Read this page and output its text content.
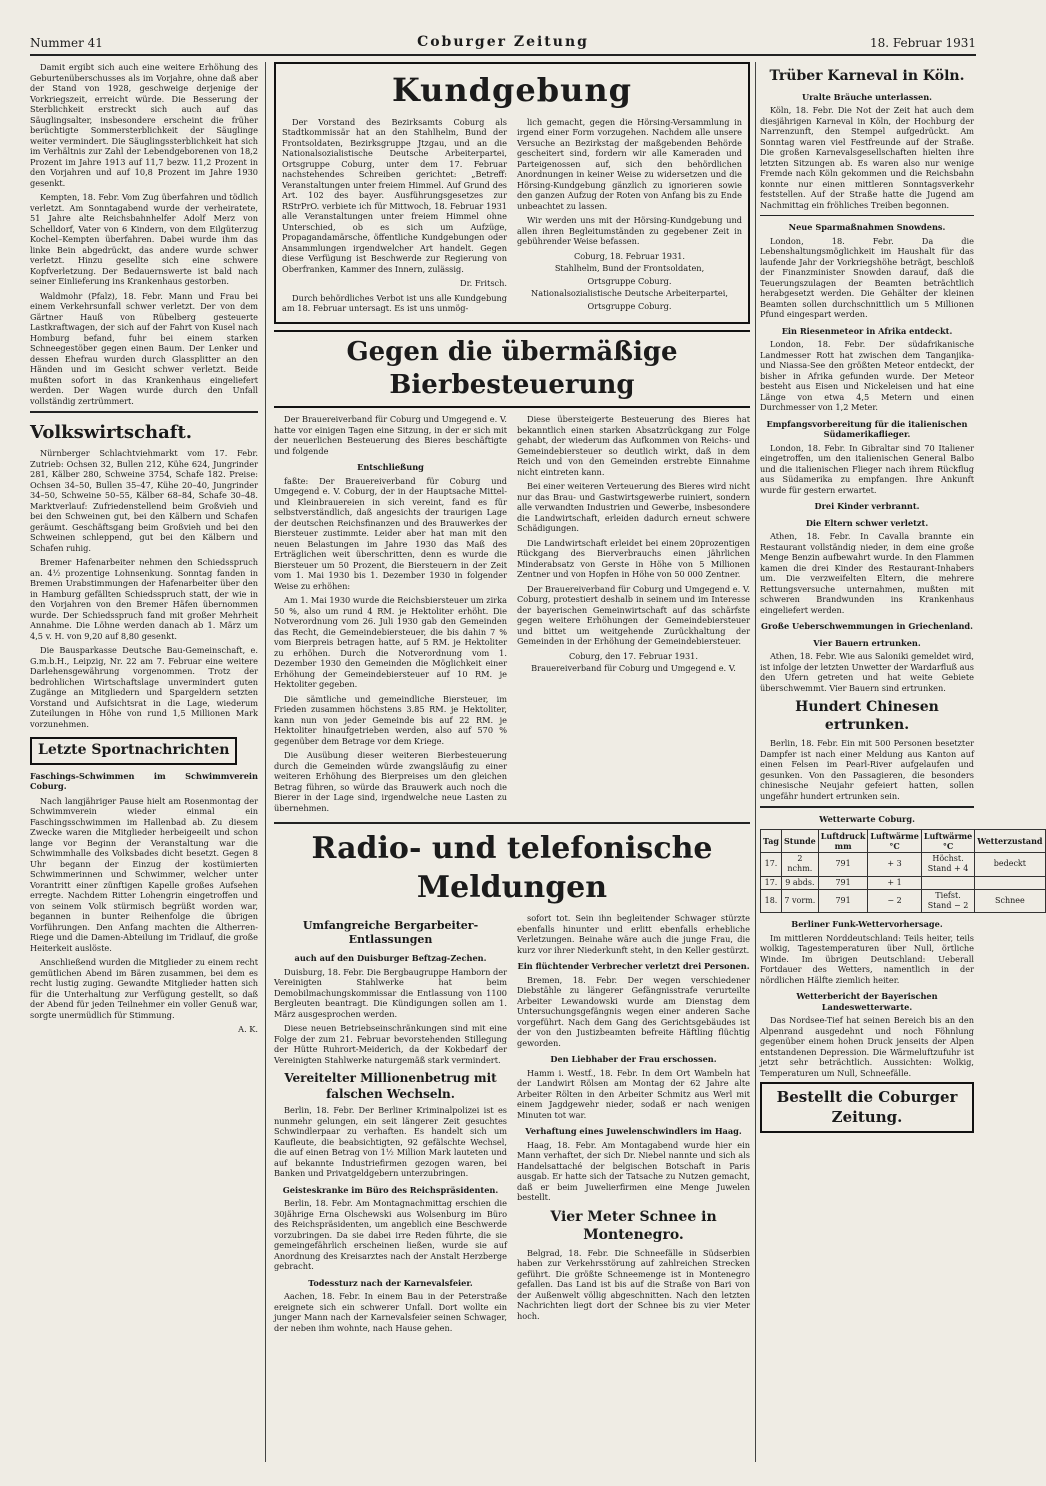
Nummer 41	Coburger Zeitung	18. Februar 1931

Damit ergibt sich auch eine weitere Erhöhung des Geburtenüberschusses als im Vorjahre, ohne daß aber der Stand von 1928, geschweige derjenige der Vorkriegszeit, erreicht würde. Die Besserung der Sterblichkeit erstreckt sich auch auf das Säuglingsalter, insbesondere erscheint die früher berüchtigte Sommersterblichkeit der Säuglinge weiter vermindert. Die Säuglingssterblichkeit hat sich im Verhältnis zur Zahl der Lebendgeborenen von 18,2 Prozent im Jahre 1913 auf 11,7 bezw. 11,2 Prozent in den Vorjahren und auf 10,8 Prozent im Jahre 1930 gesenkt.

Kempten, 18. Febr. Vom Zug überfahren und tödlich verletzt. Am Sonntagabend wurde der verheiratete, 51 Jahre alte Reichsbahnhelfer Adolf Merz von Schelldorf, Vater von 6 Kindern, von dem Eilgüterzug Kochel–Kempten überfahren. Dabei wurde ihm das linke Bein abgedrückt, das andere wurde schwer verletzt. Hinzu gesellte sich eine schwere Kopfverletzung. Der Bedauernswerte ist bald nach seiner Einlieferung ins Krankenhaus gestorben.

Waldmohr (Pfalz), 18. Febr. Mann und Frau bei einem Verkehrsunfall schwer verletzt. Der von dem Gärtner Hauß von Rübelberg gesteuerte Lastkraftwagen, der sich auf der Fahrt von Kusel nach Homburg befand, fuhr bei einem starken Schneegestöber gegen einen Baum. Der Lenker und dessen Ehefrau wurden durch Glassplitter an den Händen und im Gesicht schwer verletzt. Beide mußten sofort in das Krankenhaus eingeliefert werden. Der Wagen wurde durch den Unfall vollständig zertrümmert.

Volkswirtschaft.

Nürnberger Schlachtviehmarkt vom 17. Febr. Zutrieb: Ochsen 32, Bullen 212, Kühe 624, Jungrinder 281, Kälber 280, Schweine 3754, Schafe 182. Preise: Ochsen 34–50, Bullen 35–47, Kühe 20–40, Jungrinder 34–50, Schweine 50–55, Kälber 68–84, Schafe 30–48. Marktverlauf: Zufriedenstellend beim Großvieh und bei den Schweinen gut, bei den Kälbern und Schafen geräumt. Geschäftsgang beim Großvieh und bei den Schweinen schleppend, gut bei den Kälbern und Schafen ruhig.

Bremer Hafenarbeiter nehmen den Schiedsspruch an. 4½ prozentige Lohnsenkung. Sonntag fanden in Bremen Urabstimmungen der Hafenarbeiter über den in Hamburg gefällten Schiedsspruch statt, der wie in den Vorjahren von den Bremer Häfen übernommen wurde. Der Schiedsspruch fand mit großer Mehrheit Annahme. Die Löhne werden danach ab 1. März um 4,5 v. H. von 9,20 auf 8,80 gesenkt.

Die Bausparkasse Deutsche Bau-Gemeinschaft, e. G.m.b.H., Leipzig, Nr. 22 am 7. Februar eine weitere Darlehensgewährung vorgenommen. Trotz der bedrohlichen Wirtschaftslage unvermindert guten Zugänge an Mitgliedern und Spargeldern setzten Vorstand und Aufsichtsrat in die Lage, wiederum Zuteilungen in Höhe von rund 1,5 Millionen Mark vorzunehmen.

Letzte Sportnachrichten

Faschings-Schwimmen im Schwimmverein Coburg.

Nach langjähriger Pause hielt am Rosenmontag der Schwimmverein wieder einmal ein Faschingsschwimmen im Hallenbad ab. Zu diesem Zwecke waren die Mitglieder herbeigeeilt und schon lange vor Beginn der Veranstaltung war die Schwimmhalle des Volksbades dicht besetzt. Gegen 8 Uhr begann der Einzug der kostümierten Schwimmerinnen und Schwimmer, welcher unter Vorantritt einer zünftigen Kapelle großes Aufsehen erregte. Nachdem Ritter Lohengrin eingetroffen und von seinem Volk stürmisch begrüßt worden war, begannen in bunter Reihenfolge die übrigen Vorführungen. Den Anfang machten die Altherren-Riege und die Damen-Abteilung im Tridlauf, die große Heiterkeit auslöste.

Anschließend wurden die Mitglieder zu einem recht gemütlichen Abend im Bären zusammen, bei dem es recht lustig zuging. Gewandte Mitglieder hatten sich für die Unterhaltung zur Verfügung gestellt, so daß der Abend für jeden Teilnehmer ein voller Genuß war, sorgte unermüdlich für Stimmung.

A. K.

Kundgebung

Der Vorstand des Bezirksamts Coburg als Stadtkommissär hat an den Stahlhelm, Bund der Frontsoldaten, Bezirksgruppe Jtzgau, und an die Nationalsozialistische Deutsche Arbeiterpartei, Ortsgruppe Coburg, unter dem 17. Februar nachstehendes Schreiben gerichtet: „Betreff: Veranstaltungen unter freiem Himmel. Auf Grund des Art. 102 des bayer. Ausführungsgesetzes zur RStrPrO. verbiete ich für Mittwoch, 18. Februar 1931 alle Veranstaltungen unter freiem Himmel ohne Unterschied, ob es sich um Aufzüge, Propagandamärsche, öffentliche Kundgebungen oder Ansammlungen irgendwelcher Art handelt. Gegen diese Verfügung ist Beschwerde zur Regierung von Oberfranken, Kammer des Innern, zulässig.

Dr. Fritsch.

Durch behördliches Verbot ist uns alle Kundgebung am 18. Februar untersagt. Es ist uns unmög-

lich gemacht, gegen die Hörsing-Versammlung in irgend einer Form vorzugehen. Nachdem alle unsere Versuche an Bezirkstag der maßgebenden Behörde gescheitert sind, fordern wir alle Kameraden und Parteigenossen auf, sich den behördlichen Anordnungen in keiner Weise zu widersetzen und die Hörsing-Kundgebung gänzlich zu ignorieren sowie den ganzen Aufzug der Roten von Anfang bis zu Ende unbeachtet zu lassen.

Wir werden uns mit der Hörsing-Kundgebung und allen ihren Begleitumständen zu gegebener Zeit in gebührender Weise befassen.

Coburg, 18. Februar 1931.

Stahlhelm, Bund der Frontsoldaten,

Ortsgruppe Coburg.

Nationalsozialistische Deutsche Arbeiterpartei,

Ortsgruppe Coburg.

Gegen die übermäßige Bierbesteuerung

Der Brauereiverband für Coburg und Umgegend e. V. hatte vor einigen Tagen eine Sitzung, in der er sich mit der neuerlichen Besteuerung des Bieres beschäftigte und folgende

Entschließung

faßte: Der Brauereiverband für Coburg und Umgegend e. V. Coburg, der in der Hauptsache Mittel- und Kleinbrauereien in sich vereint, fand es für selbstverständlich, daß angesichts der traurigen Lage der deutschen Reichsfinanzen und des Brauwerkes der Biersteuer zustimmte. Leider aber hat man mit den neuen Belastungen im Jahre 1930 das Maß des Erträglichen weit überschritten, denn es wurde die Biersteuer um 50 Prozent, die Biersteuern in der Zeit vom 1. Mai 1930 bis 1. Dezember 1930 in folgender Weise zu erhöhen:

Am 1. Mai 1930 wurde die Reichsbiersteuer um zirka 50 %, also um rund 4 RM. je Hektoliter erhöht. Die Notverordnung vom 26. Juli 1930 gab den Gemeinden das Recht, die Gemeindebiersteuer, die bis dahin 7 % vom Bierpreis betragen hatte, auf 5 RM. je Hektoliter zu erhöhen. Durch die Notverordnung vom 1. Dezember 1930 den Gemeinden die Möglichkeit einer Erhöhung der Gemeindebiersteuer auf 10 RM. je Hektoliter gegeben.

Die sämtliche und gemeindliche Biersteuer, im Frieden zusammen höchstens 3.85 RM. je Hektoliter, kann nun von jeder Gemeinde bis auf 22 RM. je Hektoliter hinaufgetrieben werden, also auf 570 % gegenüber dem Betrage vor dem Kriege.

Die Ausübung dieser weiteren Bierbesteuerung durch die Gemeinden würde zwangsläufig zu einer weiteren Erhöhung des Bierpreises um den gleichen Betrag führen, so würde das Brauwerk auch noch die Bierer in der Lage sind, irgendwelche neue Lasten zu übernehmen.

Diese übersteigerte Besteuerung des Bieres hat bekanntlich einen starken Absatzrückgang zur Folge gehabt, der wiederum das Aufkommen von Reichs- und Gemeindebiersteuer so deutlich wirkt, daß in dem Reich und von den Gemeinden erstrebte Einnahme nicht eintreten kann.

Bei einer weiteren Verteuerung des Bieres wird nicht nur das Brau- und Gastwirtsgewerbe ruiniert, sondern alle verwandten Industrien und Gewerbe, insbesondere die Landwirtschaft, erleiden dadurch erneut schwere Schädigungen.

Die Landwirtschaft erleidet bei einem 20prozentigen Rückgang des Bierverbrauchs einen jährlichen Minderabsatz von Gerste in Höhe von 5 Millionen Zentner und von Hopfen in Höhe von 50 000 Zentner.

Der Brauereiverband für Coburg und Umgegend e. V. Coburg, protestiert deshalb in seinem und im Interesse der bayerischen Gemeinwirtschaft auf das schärfste gegen weitere Erhöhungen der Gemeindebiersteuer und bittet um weitgehende Zurückhaltung der Gemeinden in der Erhöhung der Gemeindebiersteuer.

Coburg, den 17. Februar 1931.

Brauereiverband für Coburg und Umgegend e. V.

Radio- und telefonische Meldungen

Umfangreiche Bergarbeiter-Entlassungen

auch auf den Duisburger Beftzag-Zechen.

Duisburg, 18. Febr. Die Bergbaugruppe Hamborn der Vereinigten Stahlwerke hat beim Demobilmachungskommissar die Entlassung von 1100 Bergleuten beantragt. Die Kündigungen sollen am 1. März ausgesprochen werden.

Diese neuen Betriebseinschränkungen sind mit eine Folge der zum 21. Februar bevorstehenden Stillegung der Hütte Ruhrort-Meiderich, da der Kokbedarf der Vereinigten Stahlwerke naturgemäß stark vermindert.

Vereitelter Millionenbetrug mit falschen Wechseln.

Berlin, 18. Febr. Der Berliner Kriminalpolizei ist es nunmehr gelungen, ein seit längerer Zeit gesuchtes Schwindlerpaar zu verhaften. Es handelt sich um Kaufleute, die beabsichtigten, 92 gefälschte Wechsel, die auf einen Betrag von 1½ Million Mark lauteten und auf bekannte Industriefirmen gezogen waren, bei Banken und Privatgeldgebern unterzubringen.

Geisteskranke im Büro des Reichspräsidenten.

Berlin, 18. Febr. Am Montagnachmittag erschien die 30jährige Erna Olschewski aus Wolsenburg im Büro des Reichspräsidenten, um angeblich eine Beschwerde vorzubringen. Da sie dabei irre Reden führte, die sie gemeingefährlich erscheinen ließen, wurde sie auf Anordnung des Kreisarztes nach der Anstalt Herzberge gebracht.

Todessturz nach der Karnevalsfeier.

Aachen, 18. Febr. In einem Bau in der Peterstraße ereignete sich ein schwerer Unfall. Dort wollte ein junger Mann nach der Karnevalsfeier seinen Schwager, der neben ihm wohnte, nach Hause gehen.

sofort tot. Sein ihn begleitender Schwager stürzte ebenfalls hinunter und erlitt ebenfalls erhebliche Verletzungen. Beinahe wäre auch die junge Frau, die kurz vor ihrer Niederkunft steht, in den Keller gestürzt.

Ein flüchtender Verbrecher verletzt drei Personen.

Bremen, 18. Febr. Der wegen verschiedener Diebstähle zu längerer Gefängnisstrafe verurteilte Arbeiter Lewandowski wurde am Dienstag dem Untersuchungsgefängnis wegen einer anderen Sache vorgeführt. Nach dem Gang des Gerichtsgebäudes ist der von den Justizbeamten befreite Häftling flüchtig geworden.

Den Liebhaber der Frau erschossen.

Hamm i. Westf., 18. Febr. In dem Ort Wambeln hat der Landwirt Rölsen am Montag der 62 Jahre alte Arbeiter Rölten in den Arbeiter Schmitz aus Werl mit einem Jagdgewehr nieder, sodaß er nach wenigen Minuten tot war.

Verhaftung eines Juwelenschwindlers im Haag.

Haag, 18. Febr. Am Montagabend wurde hier ein Mann verhaftet, der sich Dr. Niebel nannte und sich als Handelsattaché der belgischen Botschaft in Paris ausgab. Er hatte sich der Tatsache zu Nutzen gemacht, daß er beim Juwelierfirmen eine Menge Juwelen bestellt.

Vier Meter Schnee in Montenegro.

Belgrad, 18. Febr. Die Schneefälle in Südserbien haben zur Verkehrsstörung auf zahlreichen Strecken geführt. Die größte Schneemenge ist in Montenegro gefallen. Das Land ist bis auf die Straße von Bari von der Außenwelt völlig abgeschnitten. Nach den letzten Nachrichten liegt dort der Schnee bis zu vier Meter hoch.

Trüber Karneval in Köln.

Uralte Bräuche unterlassen.

Köln, 18. Febr. Die Not der Zeit hat auch dem diesjährigen Karneval in Köln, der Hochburg der Narrenzunft, den Stempel aufgedrückt. Am Sonntag waren viel Festfreunde auf der Straße. Die großen Karnevalsgesellschaften hielten ihre letzten Sitzungen ab. Es waren also nur wenige Fremde nach Köln gekommen und die Reichsbahn konnte nur einen mittleren Sonntagsverkehr feststellen. Auf der Straße hatte die Jugend am Nachmittag ein fröhliches Treiben begonnen.

Neue Sparmaßnahmen Snowdens.

London, 18. Febr. Da die Lebenshaltungsmöglichkeit im Haushalt für das laufende Jahr der Vorkriegshöhe beträgt, beschloß der Finanzminister Snowden darauf, daß die Teuerungszulagen der Beamten beträchtlich herabgesetzt werden. Die Gehälter der kleinen Beamten sollen durchschnittlich um 5 Millionen Pfund eingespart werden.

Ein Riesenmeteor in Afrika entdeckt.

London, 18. Febr. Der südafrikanische Landmesser Rott hat zwischen dem Tanganjika- und Niassa-See den größten Meteor entdeckt, der bisher in Afrika gefunden wurde. Der Meteor besteht aus Eisen und Nickeleisen und hat eine Länge von etwa 4,5 Metern und einen Durchmesser von 1,2 Meter.

Empfangsvorbereitung für die italienischen Südamerikaflieger.

London, 18. Febr. In Gibraltar sind 70 Italiener eingetroffen, um den italienischen General Balbo und die italienischen Flieger nach ihrem Rückflug aus Südamerika zu empfangen. Ihre Ankunft wurde für gestern erwartet.

Drei Kinder verbrannt.

Die Eltern schwer verletzt.

Athen, 18. Febr. In Cavalla brannte ein Restaurant vollständig nieder, in dem eine große Menge Benzin aufbewahrt wurde. In den Flammen kamen die drei Kinder des Restaurant-Inhabers um. Die verzweifelten Eltern, die mehrere Rettungsversuche unternahmen, mußten mit schweren Brandwunden ins Krankenhaus eingeliefert werden.

Große Ueberschwemmungen in Griechenland.

Vier Bauern ertrunken.

Athen, 18. Febr. Wie aus Saloniki gemeldet wird, ist infolge der letzten Unwetter der Wardarfluß aus den Ufern getreten und hat weite Gebiete überschwemmt. Vier Bauern sind ertrunken.

Hundert Chinesen ertrunken.

Berlin, 18. Febr. Ein mit 500 Personen besetzter Dampfer ist nach einer Meldung aus Kanton auf einen Felsen im Pearl-River aufgelaufen und gesunken. Von den Passagieren, die besonders chinesische Neujahr gefeiert hatten, sollen ungefähr hundert ertrunken sein.

Wetterwarte Coburg.

Tag	Stunde	Luftdruck mm	Luftwärme °C	Luftwärme °C	Wetterzustand
17.	2 nchm.	791	+ 3	Höchst. Stand + 4	bedeckt
17.	9 abds.	791	+ 1		
18.	7 vorm.	791	− 2	Tiefst. Stand − 2	Schnee

Berliner Funk-Wettervorhersage.

Im mittleren Norddeutschland: Teils heiter, teils wolkig, Tagestemperaturen über Null, örtliche Winde. Im übrigen Deutschland: Ueberall Fortdauer des Wetters, namentlich in der nördlichen Hälfte ziemlich heiter.

Wetterbericht der Bayerischen Landeswetterwarte.

Das Nordsee-Tief hat seinen Bereich bis an den Alpenrand ausgedehnt und noch Föhnlung gegenüber einem hohen Druck jenseits der Alpen entstandenen Depression. Die Wärmeluftzufuhr ist jetzt sehr beträchtlich. Aussichten: Wolkig, Temperaturen um Null, Schneefälle.

Bestellt die Coburger Zeitung.
